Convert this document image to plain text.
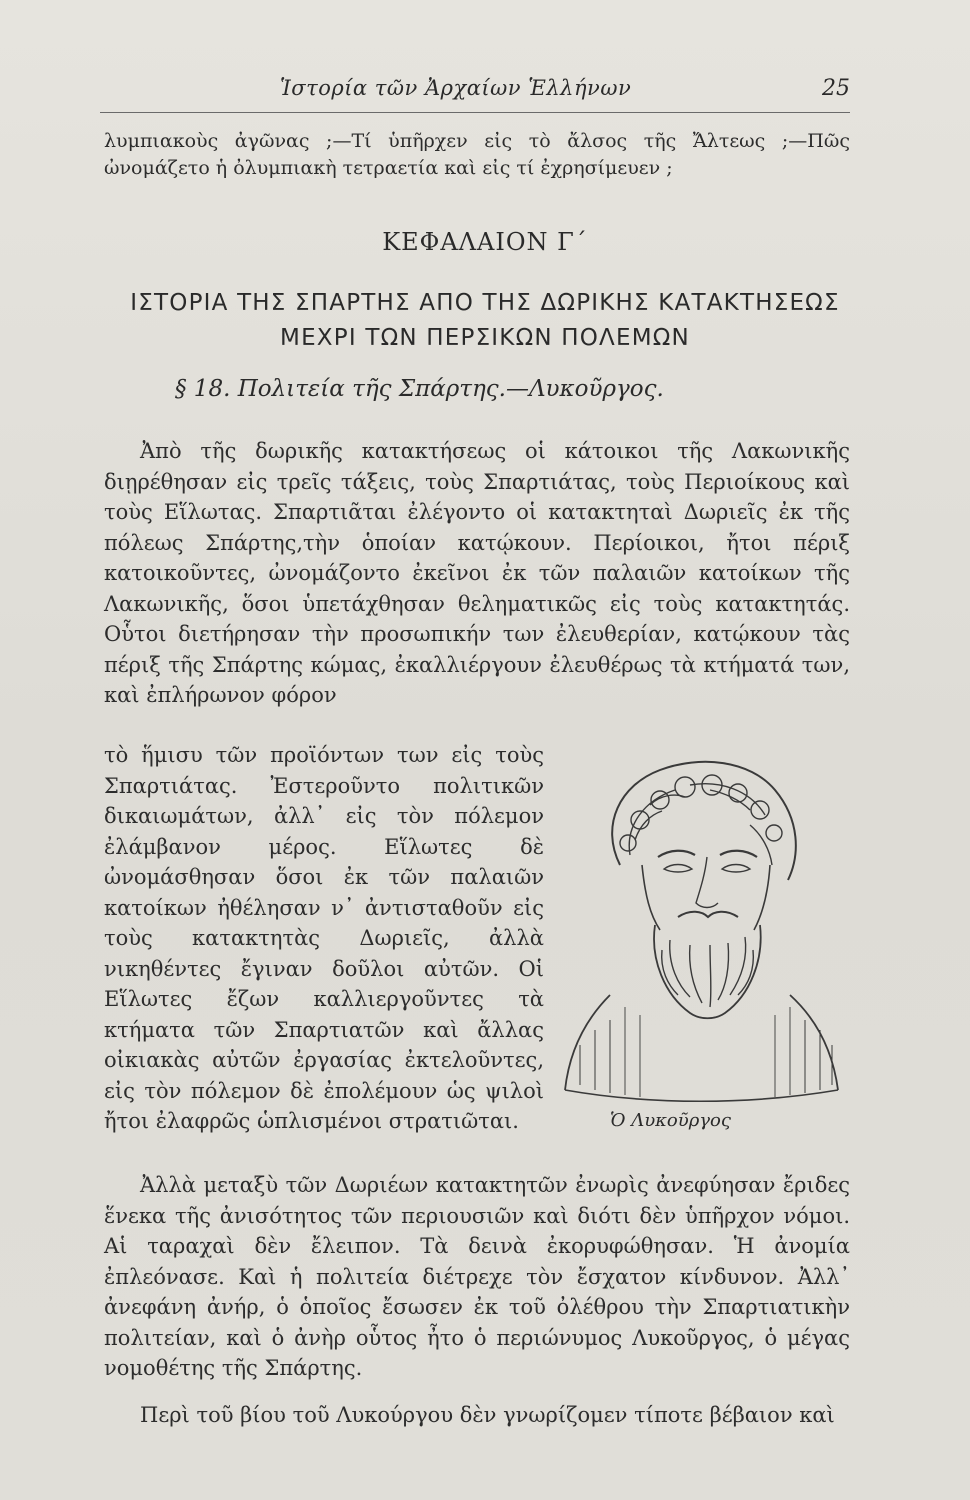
Ἱστορία τῶν Ἀρχαίων Ἑλλήνων	25

λυμπιακοὺς ἀγῶνας ;—Τί ὑπῆρχεν εἰς τὸ ἄλσος τῆς Ἄλτεως ;—Πῶς ὠνομάζετο ἡ ὀλυμπιακὴ τετραετία καὶ εἰς τί ἐχρησίμευεν ;

ΚΕΦΑΛΑΙΟΝ Γ΄
ΙΣΤΟΡΙΑ ΤΗΣ ΣΠΑΡΤΗΣ ΑΠΟ ΤΗΣ ΔΩΡΙΚΗΣ ΚΑΤΑΚΤΗΣΕΩΣ
ΜΕΧΡΙ ΤΩΝ ΠΕΡΣΙΚΩΝ ΠΟΛΕΜΩΝ
§ 18. Πολιτεία τῆς Σπάρτης.—Λυκοῦργος.

Ἀπὸ τῆς δωρικῆς κατακτήσεως οἱ κάτοικοι τῆς Λακωνικῆς διῃρέθησαν εἰς τρεῖς τάξεις, τοὺς Σπαρτιάτας, τοὺς Περιοίκους καὶ τοὺς Εἵλωτας. Σπαρτιᾶται ἐλέγοντο οἱ κατακτηταὶ Δωριεῖς ἐκ τῆς πόλεως Σπάρτης,τὴν ὁποίαν κατῴκουν. Περίοικοι, ἤτοι πέριξ κατοικοῦντες, ὠνομάζοντο ἐκεῖνοι ἐκ τῶν παλαιῶν κατοίκων τῆς Λακωνικῆς, ὅσοι ὑπετάχθησαν θεληματικῶς εἰς τοὺς κατακτητάς. Οὗτοι διετήρησαν τὴν προσωπικήν των ἐλευθερίαν, κατῴκουν τὰς πέριξ τῆς Σπάρτης κώμας, ἐκαλλιέργουν ἐλευθέρως τὰ κτήματά των, καὶ ἐπλήρωνον φόρον

τὸ ἥμισυ τῶν προϊόντων των εἰς τοὺς Σπαρτιάτας. Ἐστεροῦντο πολιτικῶν δικαιωμάτων, ἀλλ᾿ εἰς τὸν πόλεμον ἐλάμβανον μέρος. Εἵλωτες δὲ ὠνομάσθησαν ὅσοι ἐκ τῶν παλαιῶν κατοίκων ἠθέλησαν ν᾿ ἀντισταθοῦν εἰς τοὺς κατακτητὰς Δωριεῖς, ἀλλὰ νικηθέντες ἔγιναν δοῦλοι αὐτῶν. Οἱ Εἵλωτες ἔζων καλλιεργοῦντες τὰ κτήματα τῶν Σπαρτιατῶν καὶ ἄλλας οἰκιακὰς αὐτῶν ἐργασίας ἐκτελοῦντες, εἰς τὸν πόλεμον δὲ ἐπολέμουν ὡς ψιλοὶ ἤτοι ἐλαφρῶς ὡπλισμένοι στρατιῶται.	Ὁ Λυκοῦργος

Ἀλλὰ μεταξὺ τῶν Δωριέων κατακτητῶν ἐνωρὶς ἀνεφύησαν ἔριδες ἕνεκα τῆς ἀνισότητος τῶν περιουσιῶν καὶ διότι δὲν ὑπῆρχον νόμοι. Αἱ ταραχαὶ δὲν ἔλειπον. Τὰ δεινὰ ἐκορυφώθησαν. Ἡ ἀνομία ἐπλεόνασε. Καὶ ἡ πολιτεία διέτρεχε τὸν ἔσχατον κίνδυνον. Ἀλλ᾿ ἀνεφάνη ἀνήρ, ὁ ὁποῖος ἔσωσεν ἐκ τοῦ ὀλέθρου τὴν Σπαρτιατικὴν πολιτείαν, καὶ ὁ ἀνὴρ οὗτος ἦτο ὁ περιώνυμος Λυκοῦργος, ὁ μέγας νομοθέτης τῆς Σπάρτης.

Περὶ τοῦ βίου τοῦ Λυκούργου δὲν γνωρίζομεν τίποτε βέβαιον καὶ
